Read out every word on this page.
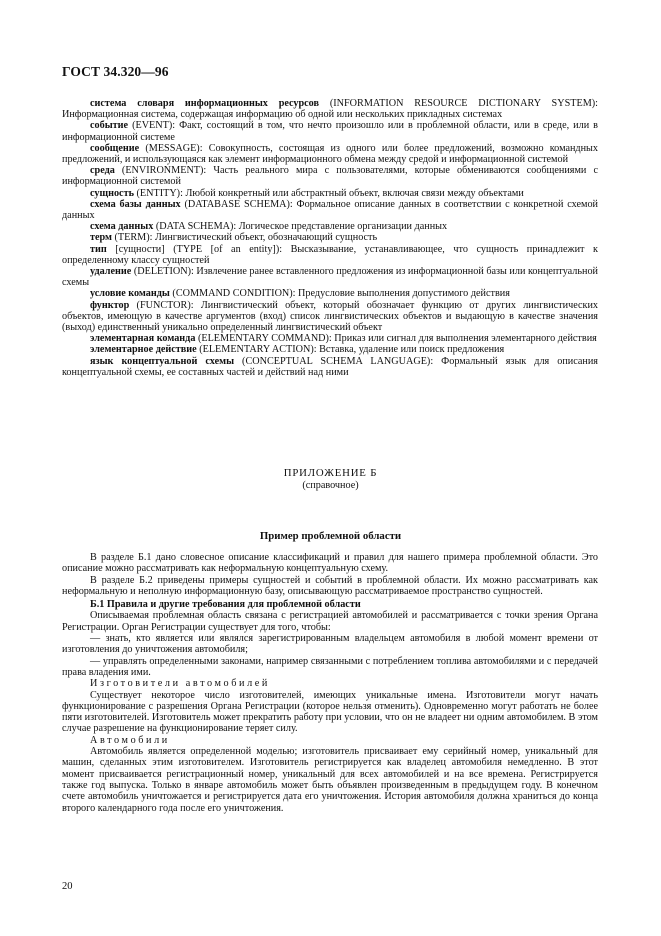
ГОСТ 34.320—96

система словаря информационных ресурсов (INFORMATION RESOURCE DICTIONARY SYSTEM): Информационная система, содержащая информацию об одной или нескольких прикладных системах

событие (EVENT): Факт, состоящий в том, что нечто произошло или в проблемной области, или в среде, или в информационной системе

сообщение (MESSAGE): Совокупность, состоящая из одного или более предложений, возможно командных предложений, и использующаяся как элемент информационного обмена между средой и информационной системой

среда (ENVIRONMENT): Часть реального мира с пользователями, которые обмениваются сообщениями с информационной системой

сущность (ENTITY): Любой конкретный или абстрактный объект, включая связи между объектами

схема базы данных (DATABASE SCHEMA): Формальное описание данных в соответствии с конкретной схемой данных

схема данных (DATA SCHEMA): Логическое представление организации данных

терм (TERM): Лингвистический объект, обозначающий сущность

тип [сущности] (TYPE [of an entity]): Высказывание, устанавливающее, что сущность принадлежит к определенному классу сущностей

удаление (DELETION): Извлечение ранее вставленного предложения из информационной базы или концептуальной схемы

условие команды (COMMAND CONDITION): Предусловие выполнения допустимого действия

функтор (FUNCTOR): Лингвистический объект, который обозначает функцию от других лингвистических объектов, имеющую в качестве аргументов (вход) список лингвистических объектов и выдающую в качестве значения (выход) единственный уникально определенный лингвистический объект

элементарная команда (ELEMENTARY COMMAND): Приказ или сигнал для выполнения элементарного действия

элементарное действие (ELEMENTARY ACTION): Вставка, удаление или поиск предложения

язык концептуальной схемы (CONCEPTUAL SCHEMA LANGUAGE): Формальный язык для описания концептуальной схемы, ее составных частей и действий над ними

ПРИЛОЖЕНИЕ Б
(справочное)
Пример проблемной области

В разделе Б.1 дано словесное описание классификаций и правил для нашего примера проблемной области. Это описание можно рассматривать как неформальную концептуальную схему.

В разделе Б.2 приведены примеры сущностей и событий в проблемной области. Их можно рассматривать как неформальную и неполную информационную базу, описывающую рассматриваемое пространство сущностей.

Б.1 Правила и другие требования для проблемной области

Описываемая проблемная область связана с регистрацией автомобилей и рассматривается с точки зрения Органа Регистрации. Орган Регистрации существует для того, чтобы:

— знать, кто является или являлся зарегистрированным владельцем автомобиля в любой момент времени от изготовления до уничтожения автомобиля;

— управлять определенными законами, например связанными с потреблением топлива автомобилями и с передачей права владения ими.

Изготовители автомобилей

Существует некоторое число изготовителей, имеющих уникальные имена. Изготовители могут начать функционирование с разрешения Органа Регистрации (которое нельзя отменить). Одновременно могут работать не более пяти изготовителей. Изготовитель может прекратить работу при условии, что он не владеет ни одним автомобилем. В этом случае разрешение на функционирование теряет силу.

Автомобили

Автомобиль является определенной моделью; изготовитель присваивает ему серийный номер, уникальный для машин, сделанных этим изготовителем. Изготовитель регистрируется как владелец автомобиля немедленно. В этот момент присваивается регистрационный номер, уникальный для всех автомобилей и на все времена. Регистрируется также год выпуска. Только в январе автомобиль может быть объявлен произведенным в предыдущем году. В конечном счете автомобиль уничтожается и регистрируется дата его уничтожения. История автомобиля должна храниться до конца второго календарного года после его уничтожения.

20
